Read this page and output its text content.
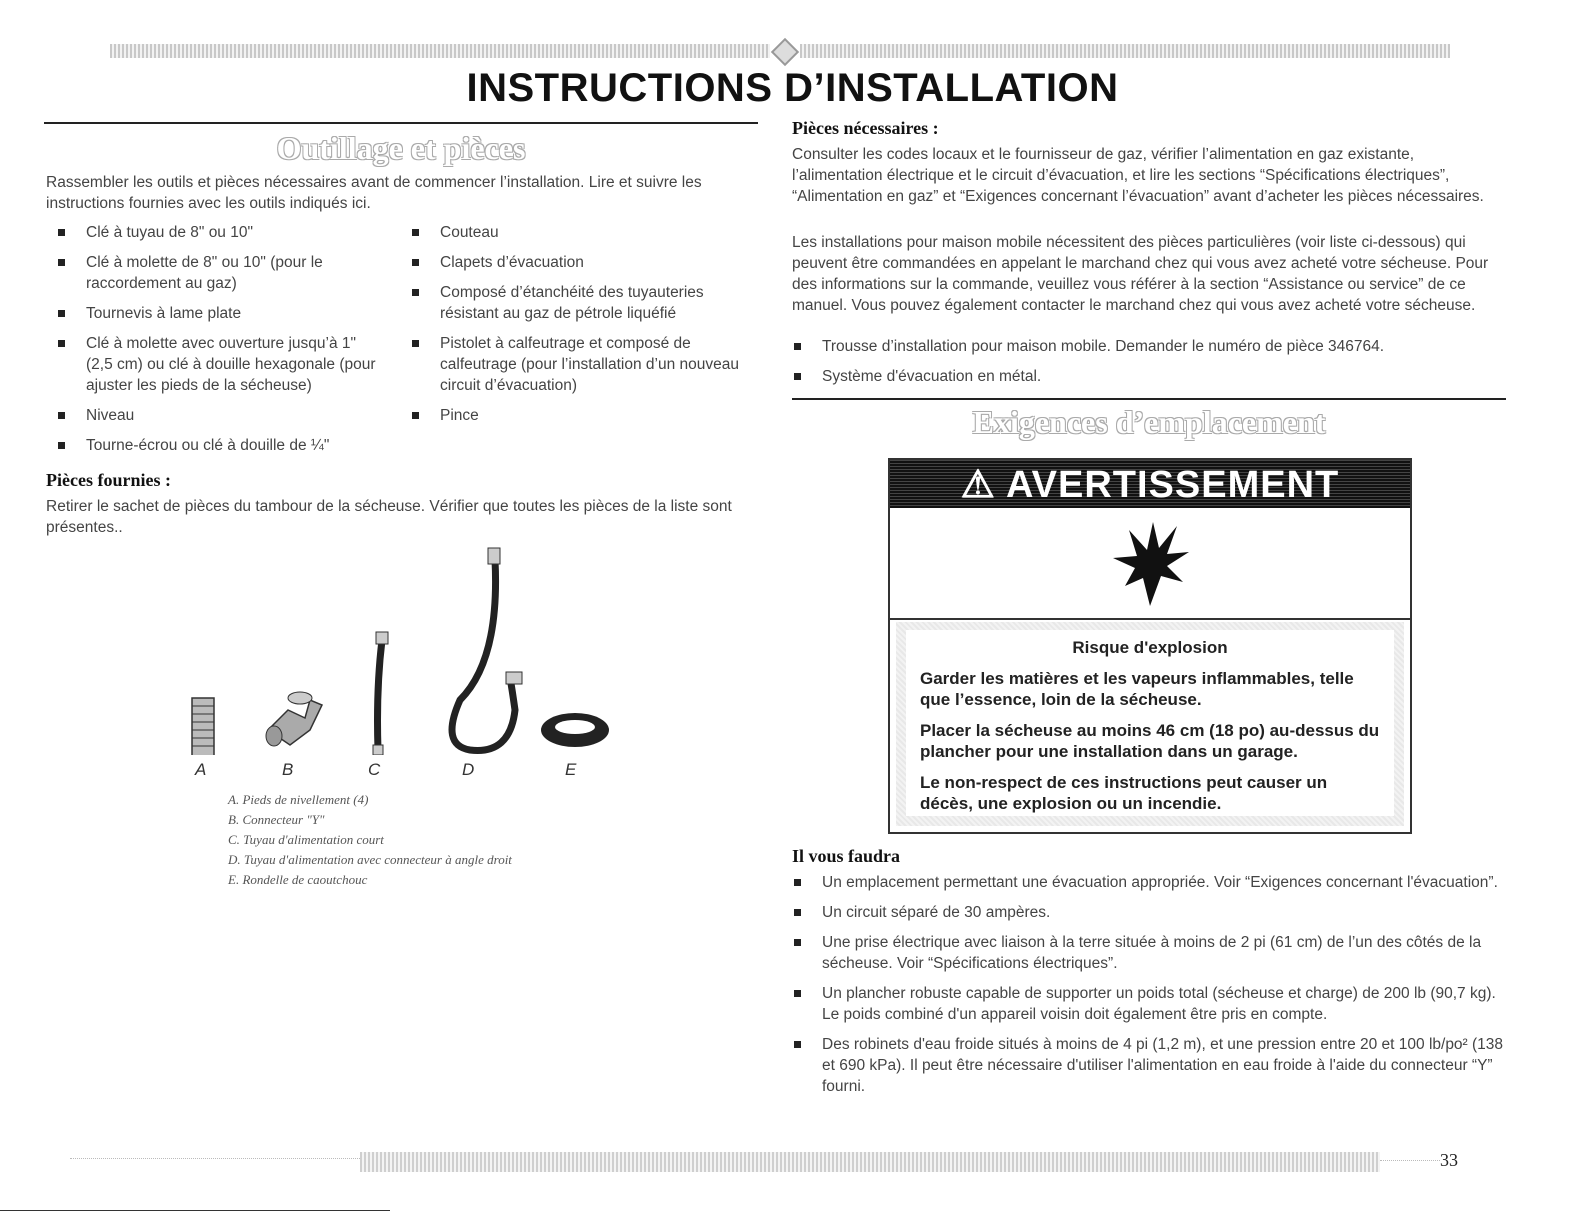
INSTRUCTIONS D’INSTALLATION
Outillage et pièces

Rassembler les outils et pièces nécessaires avant de commencer l’installation. Lire et suivre les instructions fournies avec les outils indiqués ici.

Clé à tuyau de 8" ou 10"
Clé à molette de 8" ou 10" (pour le raccordement au gaz)
Tournevis à lame plate
Clé à molette avec ouverture jusqu’à 1" (2,5 cm) ou clé à douille hexagonale (pour ajuster les pieds de la sécheuse)
Niveau
Tourne-écrou ou clé à douille de ¼"
Couteau
Clapets d’évacuation
Composé d’étanchéité des tuyauteries résistant au gaz de pétrole liquéfié
Pistolet à calfeutrage et composé de calfeutrage (pour l’installation d’un nouveau circuit d’évacuation)
Pince
Pièces fournies :

Retirer le sachet de pièces du tambour de la sécheuse. Vérifier que toutes les pièces de la liste sont présentes..

A	B	C	D	E
A. Pieds de nivellement (4)
B. Connecteur "Y"
C. Tuyau d'alimentation court
D. Tuyau d'alimentation avec connecteur à angle droit
E. Rondelle de caoutchouc
Pièces nécessaires :

Consulter les codes locaux et le fournisseur de gaz, vérifier l’alimentation en gaz existante, l’alimentation électrique et le circuit d’évacuation, et lire les sections “Spécifications électriques”, “Alimentation en gaz” et “Exigences concernant l’évacuation” avant d’acheter les pièces nécessaires.

Les installations pour maison mobile nécessitent des pièces particulières (voir liste ci-dessous) qui peuvent être commandées en appelant le marchand chez qui vous avez acheté votre sécheuse. Pour des informations sur la commande, veuillez vous référer à la section “Assistance ou service” de ce manuel. Vous pouvez également contacter le marchand chez qui vous avez acheté votre sécheuse.

Trousse d’installation pour maison mobile. Demander le numéro de pièce 346764.
Système d'évacuation en métal.
Exigences d’emplacement
⚠ AVERTISSEMENT

Risque d'explosion

Garder les matières et les vapeurs inflammables, telle que l’essence, loin de la sécheuse.

Placer la sécheuse au moins 46 cm (18 po) au-dessus du plancher pour une installation dans un garage.

Le non-respect de ces instructions peut causer un décès, une explosion ou un incendie.

Il vous faudra
Un emplacement permettant une évacuation appropriée. Voir “Exigences concernant l'évacuation”.
Un circuit séparé de 30 ampères.
Une prise électrique avec liaison à la terre située à moins de 2 pi (61 cm) de l’un des côtés de la sécheuse. Voir “Spécifications électriques”.
Un plancher robuste capable de supporter un poids total (sécheuse et charge) de 200 lb (90,7 kg). Le poids combiné d'un appareil voisin doit également être pris en compte.
Des robinets d'eau froide situés à moins de 4 pi (1,2 m), et une pression entre 20 et 100 lb/po² (138 et 690 kPa). Il peut être nécessaire d'utiliser l'alimentation en eau froide à l'aide du connecteur “Y” fourni.
33
